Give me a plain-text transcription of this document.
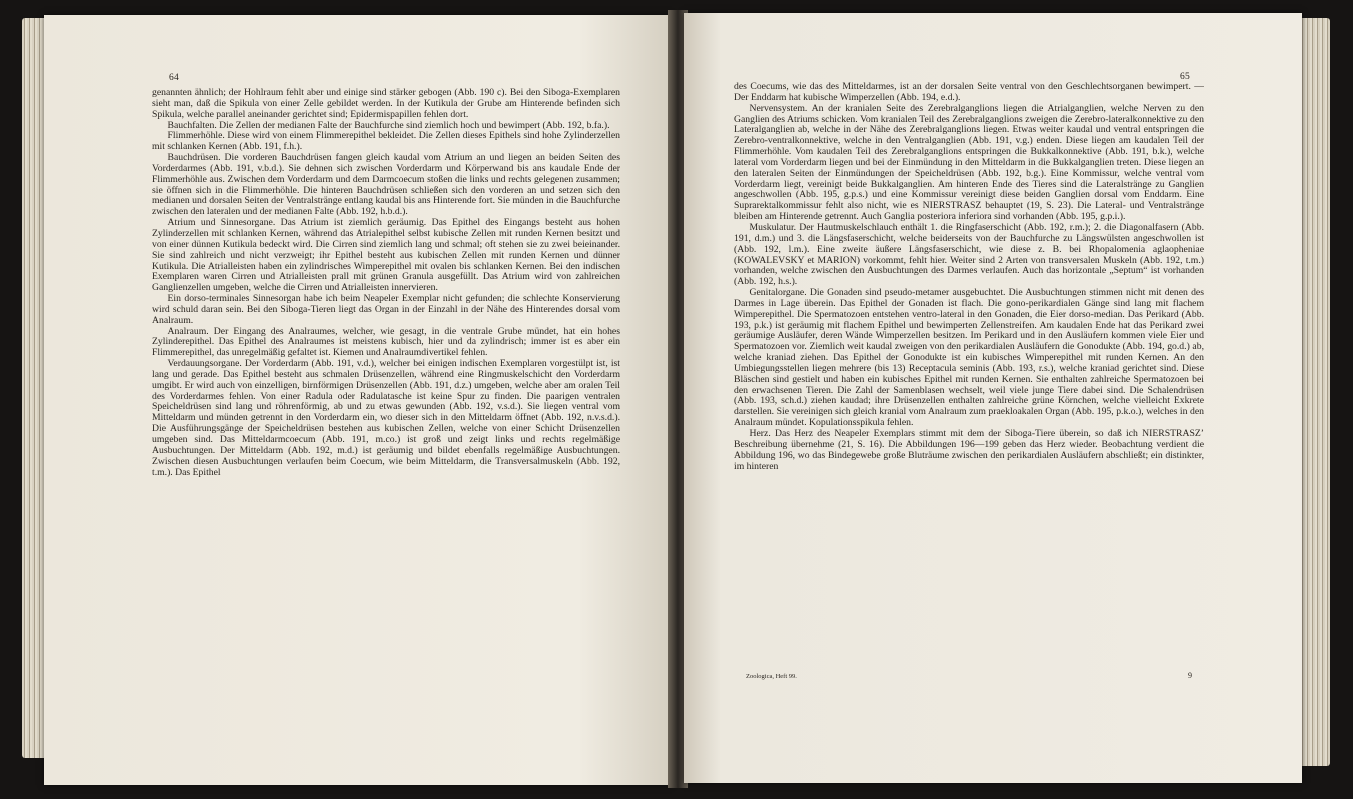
64

genannten ähnlich; der Hohlraum fehlt aber und einige sind stärker gebogen (Abb. 190 c). Bei den Siboga-Exemplaren sieht man, daß die Spikula von einer Zelle gebildet werden. In der Kutikula der Grube am Hinterende befinden sich Spikula, welche parallel aneinander gerichtet sind; Epidermispapillen fehlen dort.

Bauchfalten. Die Zellen der medianen Falte der Bauchfurche sind ziemlich hoch und bewimpert (Abb. 192, b.fa.).

Flimmerhöhle. Diese wird von einem Flimmerepithel bekleidet. Die Zellen dieses Epithels sind hohe Zylinderzellen mit schlanken Kernen (Abb. 191, f.h.).

Bauchdrüsen. Die vorderen Bauchdrüsen fangen gleich kaudal vom Atrium an und liegen an beiden Seiten des Vorderdarmes (Abb. 191, v.b.d.). Sie dehnen sich zwischen Vorderdarm und Körperwand bis ans kaudale Ende der Flimmerhöhle aus. Zwischen dem Vorderdarm und dem Darmcoecum stoßen die links und rechts gelegenen zusammen; sie öffnen sich in die Flimmerhöhle. Die hinteren Bauchdrüsen schließen sich den vorderen an und setzen sich den medianen und dorsalen Seiten der Ventralstränge entlang kaudal bis ans Hinterende fort. Sie münden in die Bauchfurche zwischen den lateralen und der medianen Falte (Abb. 192, h.b.d.).

Atrium und Sinnesorgane. Das Atrium ist ziemlich geräumig. Das Epithel des Eingangs besteht aus hohen Zylinderzellen mit schlanken Kernen, während das Atrialepithel selbst kubische Zellen mit runden Kernen besitzt und von einer dünnen Kutikula bedeckt wird. Die Cirren sind ziemlich lang und schmal; oft stehen sie zu zwei beieinander. Sie sind zahlreich und nicht verzweigt; ihr Epithel besteht aus kubischen Zellen mit runden Kernen und dünner Kutikula. Die Atrialleisten haben ein zylindrisches Wimperepithel mit ovalen bis schlanken Kernen. Bei den indischen Exemplaren waren Cirren und Atrialleisten prall mit grünen Granula ausgefüllt. Das Atrium wird von zahlreichen Ganglienzellen umgeben, welche die Cirren und Atrialleisten innervieren.

Ein dorso-terminales Sinnesorgan habe ich beim Neapeler Exemplar nicht gefunden; die schlechte Konservierung wird schuld daran sein. Bei den Siboga-Tieren liegt das Organ in der Einzahl in der Nähe des Hinterendes dorsal vom Analraum.

Analraum. Der Eingang des Analraumes, welcher, wie gesagt, in die ventrale Grube mündet, hat ein hohes Zylinderepithel. Das Epithel des Analraumes ist meistens kubisch, hier und da zylindrisch; immer ist es aber ein Flimmerepithel, das unregelmäßig gefaltet ist. Kiemen und Analraumdivertikel fehlen.

Verdauungsorgane. Der Vorderdarm (Abb. 191, v.d.), welcher bei einigen indischen Exemplaren vorgestülpt ist, ist lang und gerade. Das Epithel besteht aus schmalen Drüsenzellen, während eine Ringmuskelschicht den Vorderdarm umgibt. Er wird auch von einzelligen, birnförmigen Drüsenzellen (Abb. 191, d.z.) umgeben, welche aber am oralen Teil des Vorderdarmes fehlen. Von einer Radula oder Radulatasche ist keine Spur zu finden. Die paarigen ventralen Speicheldrüsen sind lang und röhrenförmig, ab und zu etwas gewunden (Abb. 192, v.s.d.). Sie liegen ventral vom Mitteldarm und münden getrennt in den Vorderdarm ein, wo dieser sich in den Mitteldarm öffnet (Abb. 192, n.v.s.d.). Die Ausführungsgänge der Speicheldrüsen bestehen aus kubischen Zellen, welche von einer Schicht Drüsenzellen umgeben sind. Das Mitteldarmcoecum (Abb. 191, m.co.) ist groß und zeigt links und rechts regelmäßige Ausbuchtungen. Der Mitteldarm (Abb. 192, m.d.) ist geräumig und bildet ebenfalls regelmäßige Ausbuchtungen. Zwischen diesen Ausbuchtungen verlaufen beim Coecum, wie beim Mitteldarm, die Transversalmuskeln (Abb. 192, t.m.). Das Epithel

65
Zoologica, Heft 99.	9

des Coecums, wie das des Mitteldarmes, ist an der dorsalen Seite ventral von den Geschlechtsorganen bewimpert. — Der Enddarm hat kubische Wimperzellen (Abb. 194, e.d.).

Nervensystem. An der kranialen Seite des Zerebralganglions liegen die Atrialganglien, welche Nerven zu den Ganglien des Atriums schicken. Vom kranialen Teil des Zerebralganglions zweigen die Zerebro-lateralkonnektive zu den Lateralganglien ab, welche in der Nähe des Zerebralganglions liegen. Etwas weiter kaudal und ventral entspringen die Zerebro-ventralkonnektive, welche in den Ventralganglien (Abb. 191, v.g.) enden. Diese liegen am kaudalen Teil der Flimmerhöhle. Vom kaudalen Teil des Zerebralganglions entspringen die Bukkalkonnektive (Abb. 191, b.k.), welche lateral vom Vorderdarm liegen und bei der Einmündung in den Mitteldarm in die Bukkalganglien treten. Diese liegen an den lateralen Seiten der Einmündungen der Speicheldrüsen (Abb. 192, b.g.). Eine Kommissur, welche ventral vom Vorderdarm liegt, vereinigt beide Bukkalganglien. Am hinteren Ende des Tieres sind die Lateralstränge zu Ganglien angeschwollen (Abb. 195, g.p.s.) und eine Kommissur vereinigt diese beiden Ganglien dorsal vom Enddarm. Eine Suprarektalkommissur fehlt also nicht, wie es NIERSTRASZ behauptet (19, S. 23). Die Lateral- und Ventralstränge bleiben am Hinterende getrennt. Auch Ganglia posteriora inferiora sind vorhanden (Abb. 195, g.p.i.).

Muskulatur. Der Hautmuskelschlauch enthält 1. die Ringfaserschicht (Abb. 192, r.m.); 2. die Diagonalfasern (Abb. 191, d.m.) und 3. die Längsfaserschicht, welche beiderseits von der Bauchfurche zu Längswülsten angeschwollen ist (Abb. 192, l.m.). Eine zweite äußere Längsfaserschicht, wie diese z. B. bei Rhopalomenia aglaopheniae (KOWALEVSKY et MARION) vorkommt, fehlt hier. Weiter sind 2 Arten von transversalen Muskeln (Abb. 192, t.m.) vorhanden, welche zwischen den Ausbuchtungen des Darmes verlaufen. Auch das horizontale „Septum“ ist vorhanden (Abb. 192, h.s.).

Genitalorgane. Die Gonaden sind pseudo-metamer ausgebuchtet. Die Ausbuchtungen stimmen nicht mit denen des Darmes in Lage überein. Das Epithel der Gonaden ist flach. Die gono-perikardialen Gänge sind lang mit flachem Wimperepithel. Die Spermatozoen entstehen ventro-lateral in den Gonaden, die Eier dorso-median. Das Perikard (Abb. 193, p.k.) ist geräumig mit flachem Epithel und bewimperten Zellenstreifen. Am kaudalen Ende hat das Perikard zwei geräumige Ausläufer, deren Wände Wimperzellen besitzen. Im Perikard und in den Ausläufern kommen viele Eier und Spermatozoen vor. Ziemlich weit kaudal zweigen von den perikardialen Ausläufern die Gonodukte (Abb. 194, go.d.) ab, welche kraniad ziehen. Das Epithel der Gonodukte ist ein kubisches Wimperepithel mit runden Kernen. An den Umbiegungsstellen liegen mehrere (bis 13) Receptacula seminis (Abb. 193, r.s.), welche kraniad gerichtet sind. Diese Bläschen sind gestielt und haben ein kubisches Epithel mit runden Kernen. Sie enthalten zahlreiche Spermatozoen bei den erwachsenen Tieren. Die Zahl der Samenblasen wechselt, weil viele junge Tiere dabei sind. Die Schalendrüsen (Abb. 193, sch.d.) ziehen kaudad; ihre Drüsenzellen enthalten zahlreiche grüne Körnchen, welche vielleicht Exkrete darstellen. Sie vereinigen sich gleich kranial vom Analraum zum praekloakalen Organ (Abb. 195, p.k.o.), welches in den Analraum mündet. Kopulationsspikula fehlen.

Herz. Das Herz des Neapeler Exemplars stimmt mit dem der Siboga-Tiere überein, so daß ich NIERSTRASZ’ Beschreibung übernehme (21, S. 16). Die Abbildungen 196—199 geben das Herz wieder. Beobachtung verdient die Abbildung 196, wo das Bindegewebe große Bluträume zwischen den perikardialen Ausläufern abschließt; ein distinkter, im hinteren
